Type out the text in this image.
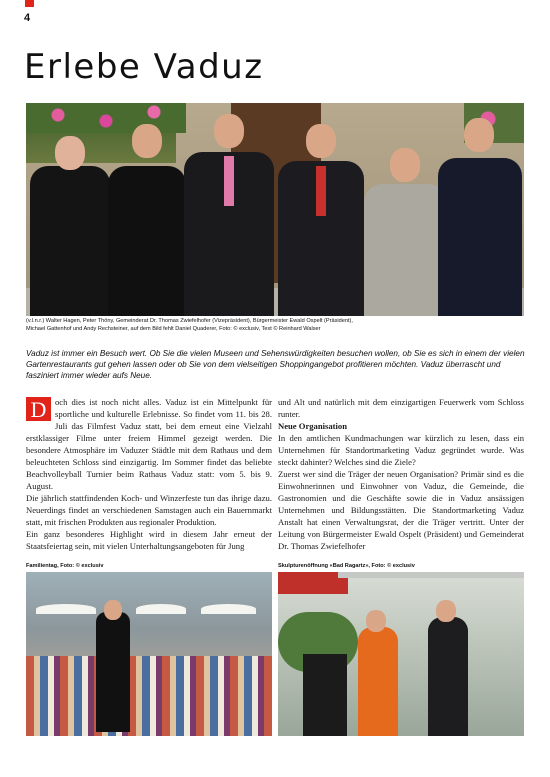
4
Erlebe Vaduz
(v.l.n.r.) Walter Hagen, Peter Thöny, Gemeinderat Dr. Thomas Zwiefelhofer (Vizepräsident), Bürgermeister Ewald Ospelt (Präsident),
Michael Gattenhof und Andy Rechsteiner, auf dem Bild fehlt Daniel Quaderer, Foto: © exclusiv, Text © Reinhard Walser

Vaduz ist immer ein Besuch wert. Ob Sie die vielen Museen und Sehenswürdigkeiten besuchen wollen, ob Sie es sich in einem der vielen Gartenrestaurants gut gehen lassen oder ob Sie von dem vielseitigen Shoppingangebot profitieren möchten. Vaduz überrascht und fasziniert immer wieder aufs Neue.

D och dies ist noch nicht alles. Vaduz ist ein Mittelpunkt für sportliche und kulturelle Erlebnisse. So findet vom 11. bis 28. Juli das Filmfest Vaduz statt, bei dem erneut eine Vielzahl erstklassiger Filme unter freiem Himmel gezeigt werden. Die besondere Atmosphäre im Vaduzer Städtle mit dem Rathaus und dem beleuchteten Schloss sind einzigartig. Im Sommer findet das beliebte Beachvolleyball Turnier beim Rathaus Vaduz statt: vom 5. bis 9. August.

Die jährlich stattfindenden Koch- und Winzerfeste tun das ihrige dazu. Neuerdings findet an verschiedenen Samstagen auch ein Bauernmarkt statt, mit frischen Produkten aus regionaler Produktion.

Ein ganz besonderes Highlight wird in diesem Jahr erneut der Staatsfeiertag sein, mit vielen Unterhaltungsangeboten für Jung

und Alt und natürlich mit dem einzigartigen Feuerwerk vom Schloss runter.

Neue Organisation

In den amtlichen Kundmachungen war kürzlich zu lesen, dass ein Unternehmen für Standortmarketing Vaduz gegründet wurde. Was steckt dahinter? Welches sind die Ziele?

Zuerst wer sind die Träger der neuen Organisation? Primär sind es die Einwohnerinnen und Einwohner von Vaduz, die Gemeinde, die Gastronomien und die Geschäfte sowie die in Vaduz ansässigen Unternehmen und Bildungsstätten. Die Standortmarketing Vaduz Anstalt hat einen Verwaltungsrat, der die Träger vertritt. Unter der Leitung von Bürgermeister Ewald Ospelt (Präsident) und Gemeinderat Dr. Thomas Zwiefelhofer

Familientag, Foto: © exclusiv	Skulpturenöffnung «Bad Ragartz», Foto: © exclusiv
